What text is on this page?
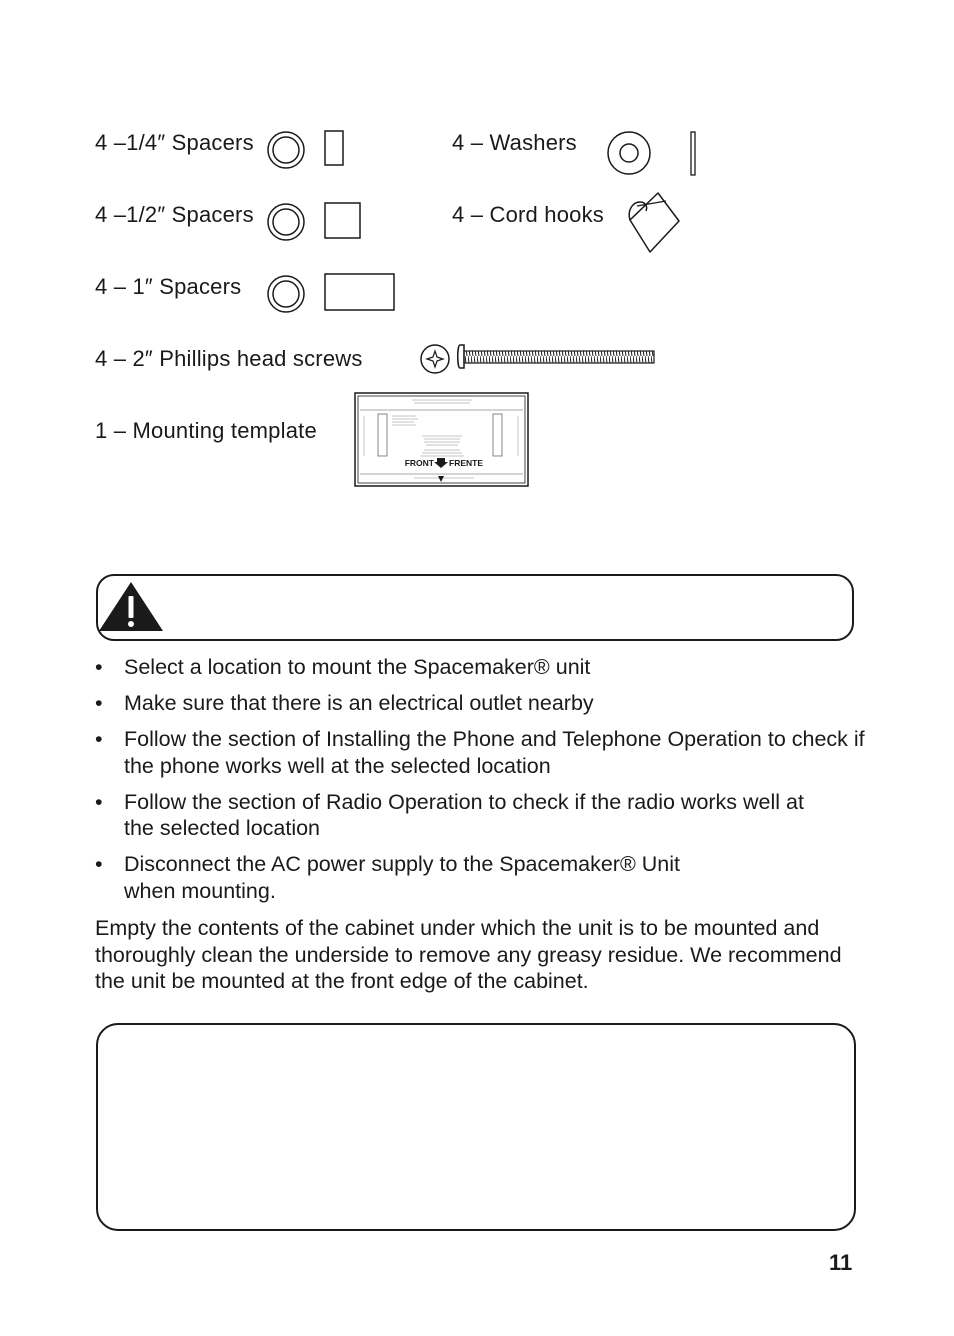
4 –1/4″ Spacers
4 –1/2″ Spacers
4 – 1″ Spacers
4 – 2″ Phillips head screws
1 – Mounting template
4 – Washers
4 – Cord hooks
FRONT FRENTE
• Select a location to mount the Spacemaker® unit
• Make sure that there is an electrical outlet nearby
• Follow the section of Installing the Phone and Telephone Operation to check if the phone works well at the selected location
• Follow the section of Radio Operation to check if the radio works well at the selected location
• Disconnect the AC power supply to the Spacemaker® Unit when mounting.

Empty the contents of the cabinet under which the unit is to be mounted and thoroughly clean the underside to remove any greasy residue. We recommend the unit be mounted at the front edge of the cabinet.

11
